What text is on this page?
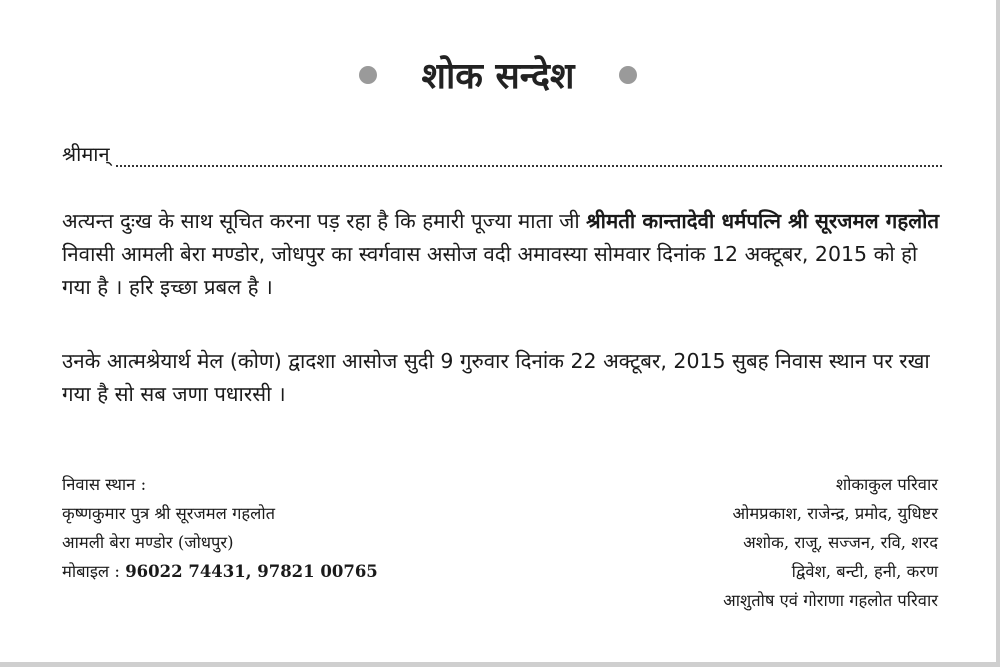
शोक सन्देश
श्रीमान्
अत्यन्त दुःख के साथ सूचित करना पड़ रहा है कि हमारी पूज्या माता जी श्रीमती कान्तादेवी धर्मपत्नि श्री सूरजमल गहलोत निवासी आमली बेरा मण्डोर, जोधपुर का स्वर्गवास असोज वदी अमावस्या सोमवार दिनांक 12 अक्टूबर, 2015 को हो गया है । हरि इच्छा प्रबल है ।
उनके आत्मश्रेयार्थ मेल (कोण) द्वादशा आसोज सुदी 9 गुरुवार दिनांक 22 अक्टूबर, 2015 सुबह निवास स्थान पर रखा गया है सो सब जणा पधारसी ।
निवास स्थान :
कृष्णकुमार पुत्र श्री सूरजमल गहलोत
आमली बेरा मण्डोर (जोधपुर)
मोबाइल : 96022 74431, 97821 00765
शोकाकुल परिवार
ओमप्रकाश, राजेन्द्र, प्रमोद, युधिष्टर
अशोक, राजू, सज्जन, रवि, शरद
द्विवेश, बन्टी, हनी, करण
आशुतोष एवं गोराणा गहलोत परिवार
